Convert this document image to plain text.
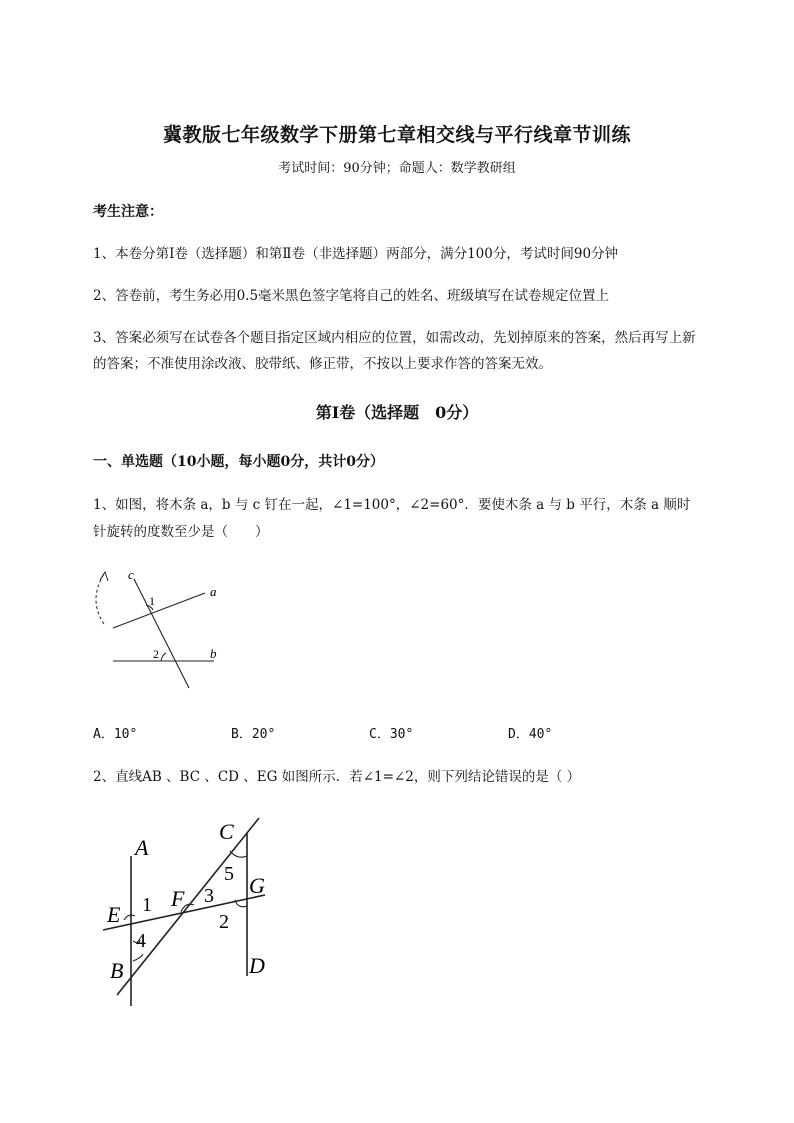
冀教版七年级数学下册第七章相交线与平行线章节训练
考试时间：90分钟；命题人：数学教研组
考生注意：
1、本卷分第I卷（选择题）和第Ⅱ卷（非选择题）两部分，满分100分，考试时间90分钟
2、答卷前，考生务必用0.5毫米黑色签字笔将自己的姓名、班级填写在试卷规定位置上
3、答案必须写在试卷各个题目指定区域内相应的位置，如需改动，先划掉原来的答案，然后再写上新
的答案；不准使用涂改液、胶带纸、修正带，不按以上要求作答的答案无效。
第I卷（选择题　0分）
一、单选题（10小题，每小题0分，共计0分）
1、如图，将木条 a，b 与 c 钉在一起，∠1=100°，∠2=60°．要使木条 a 与 b 平行，木条 a 顺时
针旋转的度数至少是（　　）
c
a
b
1
2
A．10°	B．20°	C．30°	D．40°
2、直线AB 、BC 、CD 、EG 如图所示．若∠1=∠2，则下列结论错误的是（ ）
A
B
C
D
E
F
G
1
2
3
4
5
